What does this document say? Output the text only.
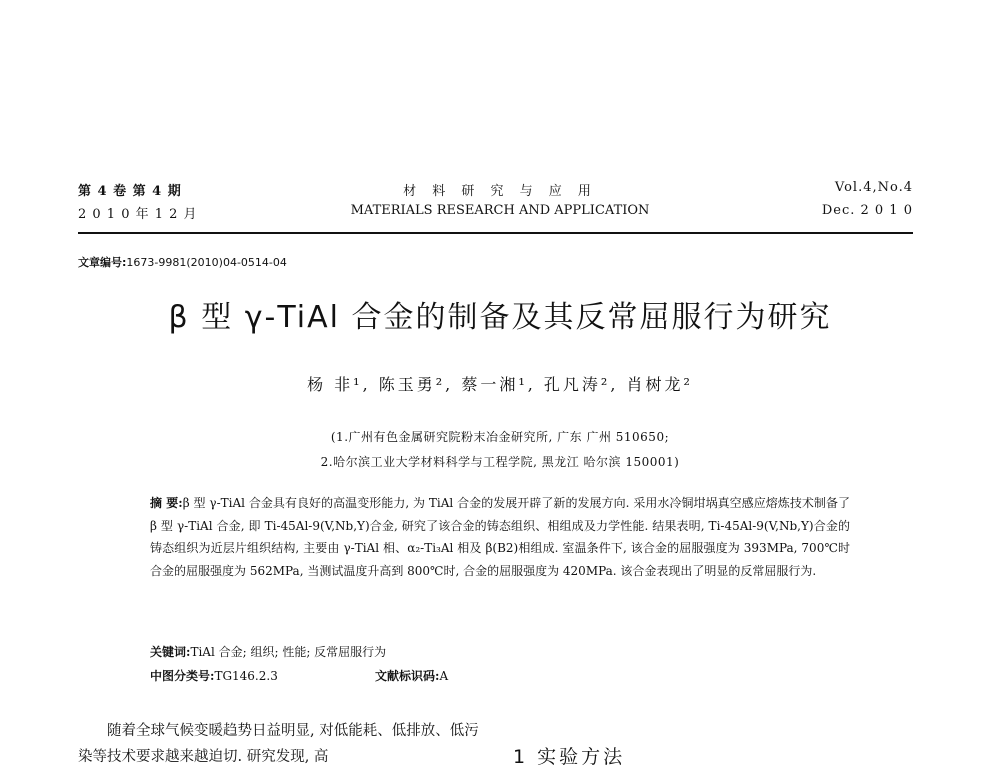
第 4 卷 第 4 期
2 0 1 0 年 1 2 月
材 料 研 究 与 应 用
MATERIALS RESEARCH AND APPLICATION
Vol.4,No.4
Dec. 2 0 1 0
文章编号:1673-9981(2010)04-0514-04
β 型 γ-TiAl 合金的制备及其反常屈服行为研究
杨 非¹, 陈玉勇², 蔡一湘¹, 孔凡涛², 肖树龙²
(1.广州有色金属研究院粉末冶金研究所, 广东 广州 510650;
2.哈尔滨工业大学材料科学与工程学院, 黑龙江 哈尔滨 150001)
摘 要:β 型 γ-TiAl 合金具有良好的高温变形能力, 为 TiAl 合金的发展开辟了新的发展方向. 采用水冷铜坩埚真空感应熔炼技术制备了 β 型 γ-TiAl 合金, 即 Ti-45Al-9(V,Nb,Y)合金, 研究了该合金的铸态组织、相组成及力学性能. 结果表明, Ti-45Al-9(V,Nb,Y)合金的铸态组织为近层片组织结构, 主要由 γ-TiAl 相、α₂-Ti₃Al 相及 β(B2)相组成. 室温条件下, 该合金的屈服强度为 393MPa, 700℃时合金的屈服强度为 562MPa, 当测试温度升高到 800℃时, 合金的屈服强度为 420MPa. 该合金表现出了明显的反常屈服行为.
关键词:TiAl 合金; 组织; 性能; 反常屈服行为
中图分类号:TG146.2.3	文献标识码:A
随着全球气候变暖趋势日益明显, 对低能耗、低排放、低污染等技术要求越来越迫切. 研究发现, 高	1 实验方法
